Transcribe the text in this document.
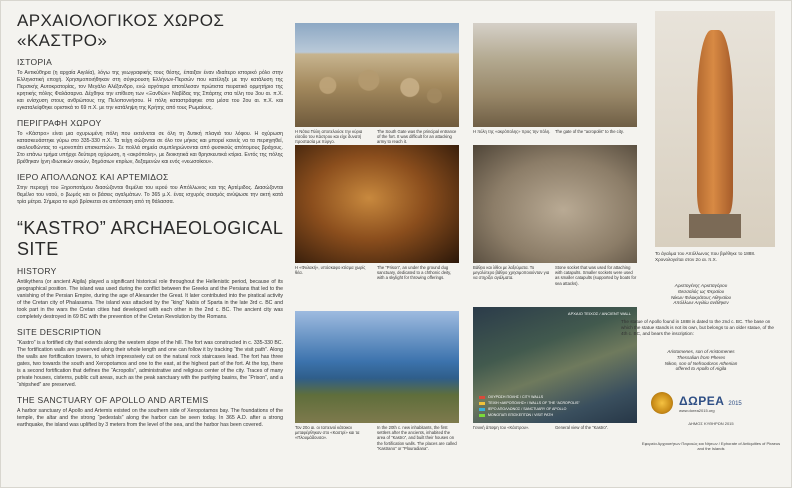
ΑΡΧΑΙΟΛΟΓΙΚΟΣ ΧΩΡΟΣ «ΚΑΣΤΡΟ»
ΙΣΤΟΡΙΑ
Το Αντικύθηρα (η αρχαία Αιγιλία), λόγω της γεωγραφικής τους θέσης, έπαιξαν έναν ιδιαίτερο ιστορικό ρόλο στην Ελληνιστική εποχή. Χρησιμοποιήθηκαν στη σύγκρουση Ελλήνων-Περσών που κατέληξε με την κατάλυση της Περσικής Αυτοκρατορίας, τον Μεγάλο Αλέξανδρο, ενώ αργότερα αποτέλεσαν πρώτιστα πειρατικό ορμητήριο της κρητικής πόλης Φαλάσαρνα. Δέχθηκε την επίθεση των «Ξανθών» Ναβίδας της Σπάρτης στα τέλη του 3ου αι. π.Χ. και ενίσχυση στους ανθρώπους της Πελοποννήσου. Η πόλη καταστράφηκε στα μέσα του 2ου αι. π.Χ. και εγκαταλείφθηκε οριστικά το 69 π.Χ. με την κατάληψη της Κρήτης από τους Ρωμαίους.
ΠΕΡΙΓΡΑΦΗ ΧΩΡΟΥ
Το «Κάστρο» είναι μια οχυρωμένη πόλη που εκτείνεται σε όλη τη δυτική πλαγιά του λόφου. Η οχύρωση κατασκευάστηκε γύρω στο 335-330 π.Χ. Τα τείχη σώζονται σε όλο τον μήκος και μπορεί κανείς να τα περιηγηθεί, ακολουθώντας το «μονοπάτι επισκεπτών». Σε πολλά σημεία συμπληρώνονται από φυσικούς απότομους βράχους. Στο επάνω τμήμα υπήρχε δεύτερη οχύρωση, η «ακρόπολη», με διοικητικά και θρησκευτικά κτίρια. Εντός της πόλης βρέθηκαν ίχνη ιδιωτικών οικιών, δημόσιων κτιρίων, δεξαμενών και ενός «νεωσοίκου».
ΙΕΡΟ ΑΠΟΛΛΩΝΟΣ ΚΑΙ ΑΡΤΕΜΙΔΟΣ
Στην περιοχή του Ξηροποτάμου διασώζονται θεμέλια του ιερού του Απόλλωνος και της Αρτέμιδος. Διασώζονται θεμέλιο του ναού, ο βωμός και οι βάσεις αγαλμάτων. Το 365 μ.Χ. ένας ισχυρός σεισμός ανύψωσε την ακτή κατά τρία μέτρα. Σήμερα το ιερό βρίσκεται σε απόσταση από τη θάλασσα.
“KASTRO” ARCHAEOLOGICAL SITE
HISTORY
Antikythera (or ancient Aigila) played a significant historical role throughout the Hellenistic period, because of its geographical position. The island was used during the conflict between the Greeks and the Persians that led to the vanishing of the Persian Empire, during the age of Alexander the Great. It later contributed into the piratical activity of the Cretan city of Phalasarna. The island was attacked by the “king” Nabis of Sparta in the late 3rd c. BC and took part in the wars the Cretan cities had developed with each other in the 2nd c. BC. The ancient city was completely destroyed in 69 BC with the prevention of the Cretan Revolution by the Romans.
SITE DESCRIPTION
“Kastro” is a fortified city that extends along the western slope of the hill. The fort was constructed in c. 335-330 BC. The fortification walls are preserved along their whole length and one can follow it by tracking “the visit path”. Along the walls are fortification towers, to which impressively cut on the natural rock staircases lead. The fort has three gates, two towards the south and Xeropotamos and one to the east, at the highest part of the fort. At the top, there is a second fortification that defines the “Acropolis”, administrative and religious center of the city. Traces of many private houses, cisterns, public cult areas, such as the peak sanctuary with the purifying basins, the “Prison”, and a “shipshed” are preserved.
THE SANCTUARY OF APOLLO AND ARTEMIS
A harbor sanctuary of Apollo and Artemis existed on the southern side of Xeropotamos bay. The foundations of the temple, the altar and the strong “pedestals” along the harbor can be seen today. In 365 A.D. after a strong earthquake, the island was uplifted by 3 meters from the level of the sea, and the harbor has been covered.
Η Νότια Πύλη αποτελούσε την κύρια είσοδο του Κάστρου και είχε δυνατή προστασία με πύργο.
The South Gate was the principal entrance of the fort. It was difficult for an attacking army to reach it.
Η πύλη της «ακρόπολης» προς την πόλη. The gate of the “acropolis” to the city.
Η «Φυλακή», υπόσκαφο κτίσμα χωρίς θέα.
The “Prison”, an under the ground dug sanctuary, dedicated to a chthonic deity, with a skylight for throwing offerings.
Βάθρο και λίθοι με λαξεύματα. Το μεγαλύτερο βάθρο χρησιμοποιούνταν για να στηρίζει αγάλματα.
Stone socket that was used for attaching with catapults. Smaller sockets were used as smaller catapults (supported by boats for sea attacks).
Το άγαλμα του Απόλλωνος που βρέθηκε το 1888. Χρονολογείται στον 2ο αι. π.Χ.
Τον 20ο αι. οι ταπεινοί κάτοικοι μεταφέρθηκαν στο «Καστρί» και τα «Πλουμάδουσα».
In the 20th c. new inhabitants, the first settlers after the ancients, inhabited the area of “Kastro”, and built their houses on the fortification walls. The places are called “Kastrano” or “Plouradiana”.
ΑΡΧΑΙΟ ΤΕΙΧΟΣ / ANCIENT WALL
ΟΧΥΡΩΣΗ ΠΟΛΗΣ / CITY WALLS
ΤΕΙΧΗ «ΑΚΡΟΠΟΛΗΣ» / WALLS OF THE “ACROPOLIS”
ΙΕΡΟ ΑΠΟΛΛΩΝΟΣ / SANCTUARY OF APOLLO
ΜΟΝΟΠΑΤΙ ΕΠΙΣΚΕΠΤΩΝ / VISIT PATH
Γενική άποψη του «Κάστρου».	General view of the “Kastro”.
Αριστογένης Αρισταγόρου
Θεσσαλός ως Φεραίου
Νίκων Φιλοκράτους Αθηναίου
Απόλλωνι Αιγιλίω ανέθηκεν
The statue of Apollo found in 1888 is dated to the 2nd c. BC. The base on which the statue stands is not its own, but belongs to an older statue, of the 4th c. BC, and bears the inscription:
Aristomenes, son of Aristomenes
Thessalian from Pheres
Nikon, son of Nefroodoros Athenian
offered to Apollo of Aigila
ΔΩΡΕΑ 2015
www.dorea2015.org
ΔΗΜΟΣ ΚΥΘΗΡΩΝ 2015
Εφορεία Αρχαιοτήτων Πειραιώς και Νήσων / Ephorate of Antiquities of Piraeus and the Islands
